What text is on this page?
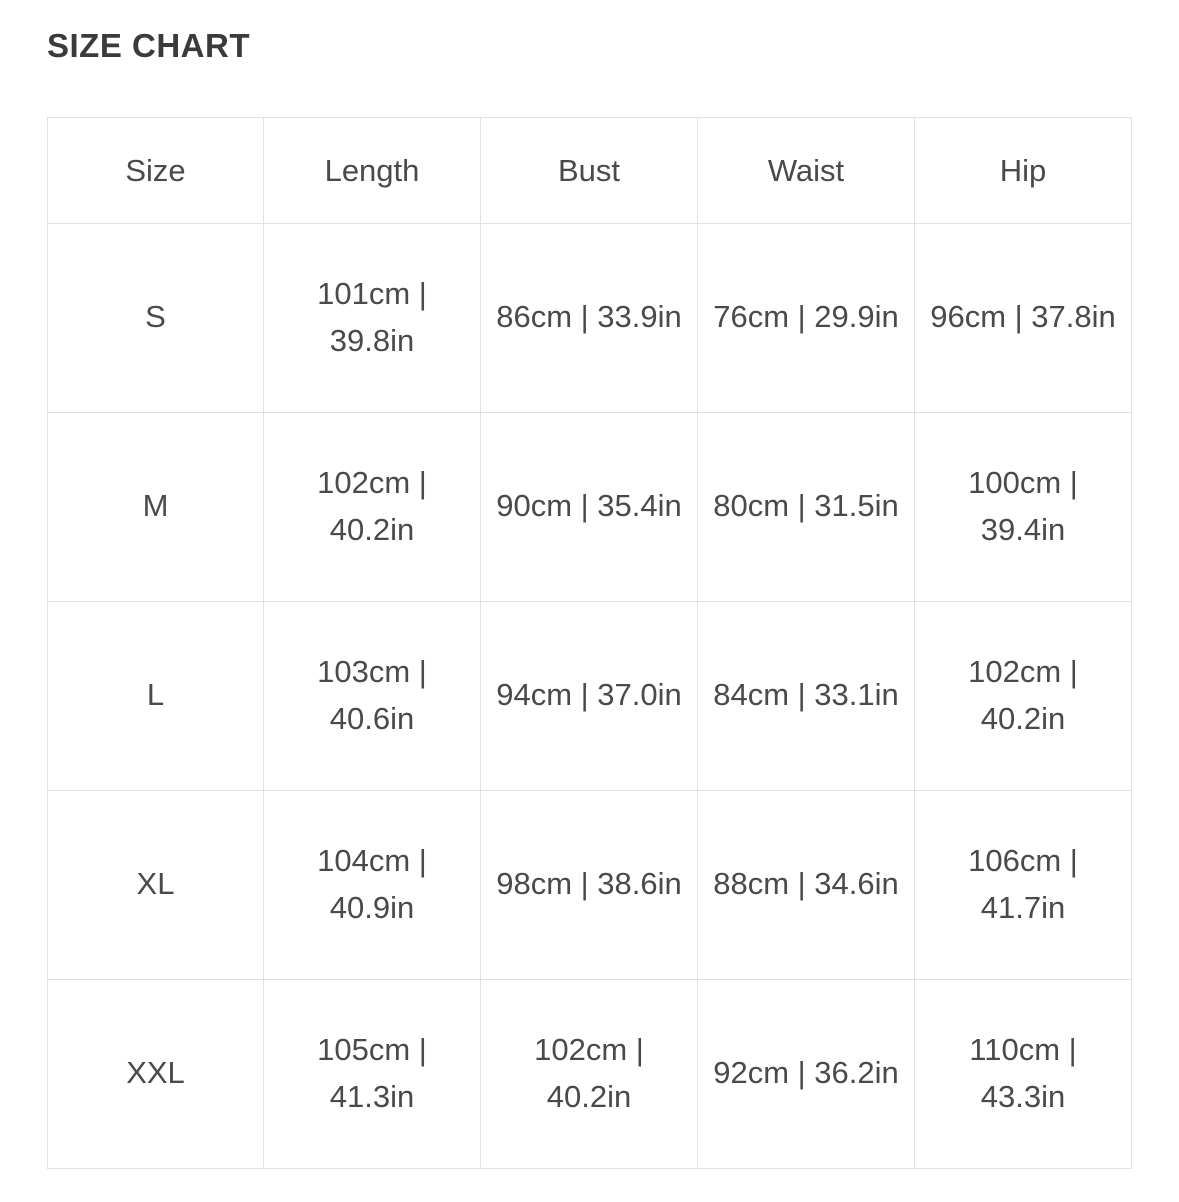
SIZE CHART
Size	Length	Bust	Waist	Hip
S	101cm | 39.8in	86cm | 33.9in	76cm | 29.9in	96cm | 37.8in
M	102cm | 40.2in	90cm | 35.4in	80cm | 31.5in	100cm | 39.4in
L	103cm | 40.6in	94cm | 37.0in	84cm | 33.1in	102cm | 40.2in
XL	104cm | 40.9in	98cm | 38.6in	88cm | 34.6in	106cm | 41.7in
XXL	105cm | 41.3in	102cm | 40.2in	92cm | 36.2in	110cm | 43.3in
